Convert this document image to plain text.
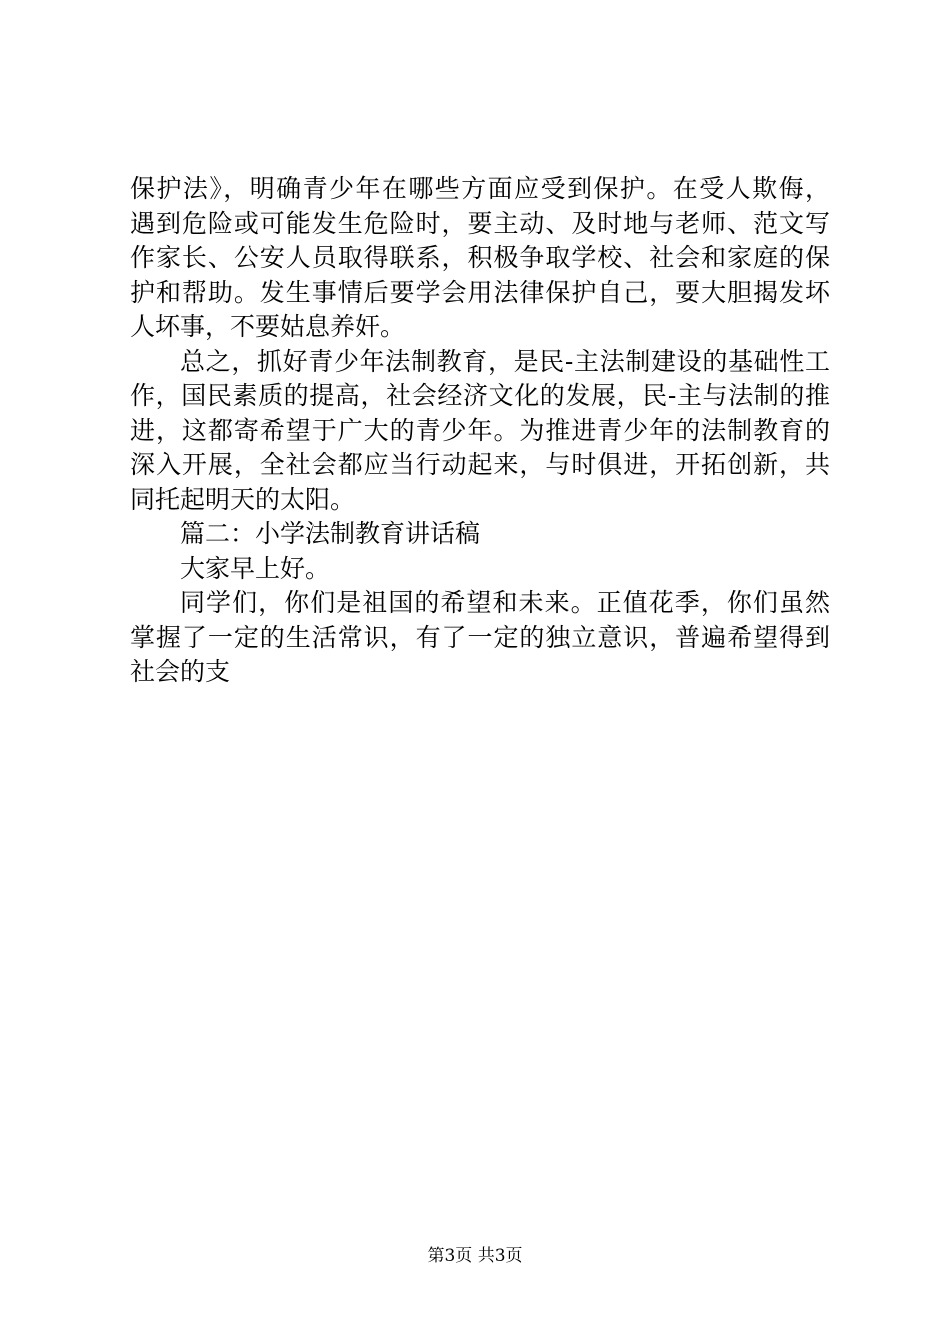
保护法》，明确青少年在哪些方面应受到保护。在受人欺侮，
遇到危险或可能发生危险时，要主动、及时地与老师、范文写
作家长、公安人员取得联系，积极争取学校、社会和家庭的保
护和帮助。发生事情后要学会用法律保护自己，要大胆揭发坏
人坏事，不要姑息养奸。
总之，抓好青少年法制教育，是民-主法制建设的基础性工
作，国民素质的提高，社会经济文化的发展，民-主与法制的推
进，这都寄希望于广大的青少年。为推进青少年的法制教育的
深入开展，全社会都应当行动起来，与时俱进，开拓创新，共
同托起明天的太阳。
篇二：小学法制教育讲话稿
大家早上好。
同学们，你们是祖国的希望和未来。正值花季，你们虽然
掌握了一定的生活常识，有了一定的独立意识，普遍希望得到
社会的支
第3页 共3页
